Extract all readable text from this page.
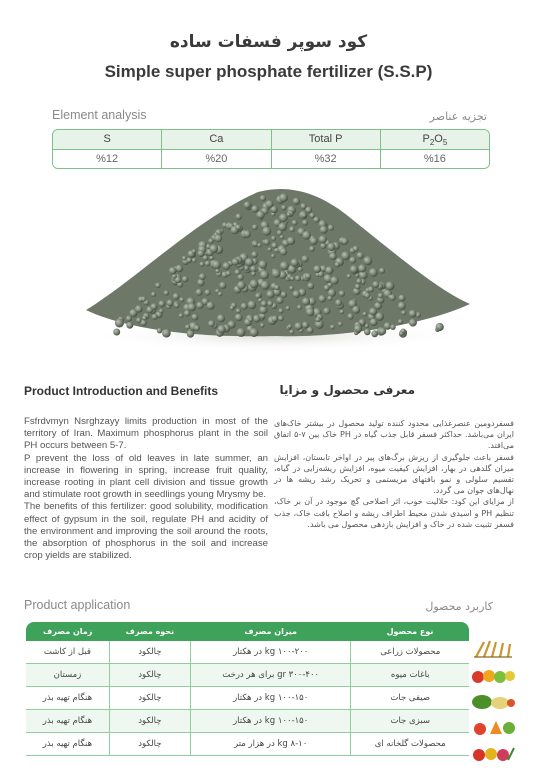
کود سوپر فسفات ساده
Simple super phosphate fertilizer (S.S.P)
Element analysis	تجزیه عناصر
S	Ca	Total P	$P_2O_5$
%12	%20	%32	%16
Product Introduction and Benefits	معرفی محصول و مزایا

Fsfrdvmyn Nsrghzayy limits production in most of the territory of Iran. Maximum phosphorus plant in the soil PH occurs between 5-7.

P prevent the loss of old leaves in late summer, an increase in flowering in spring, increase fruit quality, increase rooting in plant cell division and tissue growth and stimulate root growth in seedlings young Mrysmy be.

The benefits of this fertilizer: good solubility, modification effect of gypsum in the soil, regulate PH and acidity of the environment and improving the soil around the roots, the absorption of phosphorus in the soil and increase crop yields are stabilized.

فسفردومین عنصرغذایی محدود کننده تولید محصول در بیشتر خاک‌های ایران می‌باشد. حداکثر فسفر قابل جذب گیاه در PH خاک بین ۷-۵ اتفاق می‌افتد.

فسفر باعث جلوگیری از ریزش برگ‌های پیر در اواخر تابستان، افزایش میزان گلدهی در بهار، افزایش کیفیت میوه، افزایش ریشه‌زایی در گیاه، تقسیم سلولی و نمو بافتهای مریستمی و تحریک رشد ریشه ها در نهال‌های جوان می گردد.

از مزایای این کود: حلالیت خوب، اثر اصلاحی گچ موجود در آن بر خاک، تنظیم PH و اسیدی شدن محیط اطراف ریشه و اصلاح بافت خاک، جذب فسفر تثبیت شده در خاک و افزایش بازدهی محصول می باشد.

Product application	کاربرد محصول
نوع محصول	میزان مصرف	نحوه مصرف	زمان مصرف
محصولات زراعی	۱۰۰-۲۰۰ kg در هکتار	چالکود	قبل از کاشت
باغات میوه	۳۰۰-۴۰۰ gr برای هر درخت	چالکود	زمستان
صیفی جات	۱۰۰-۱۵۰ kg در هکتار	چالکود	هنگام تهیه بذر
سبزی جات	۱۰۰-۱۵۰ kg در هکتار	چالکود	هنگام تهیه بذر
محصولات گلخانه ای	۸-۱۰ kg در هزار متر	چالکود	هنگام تهیه بذر
